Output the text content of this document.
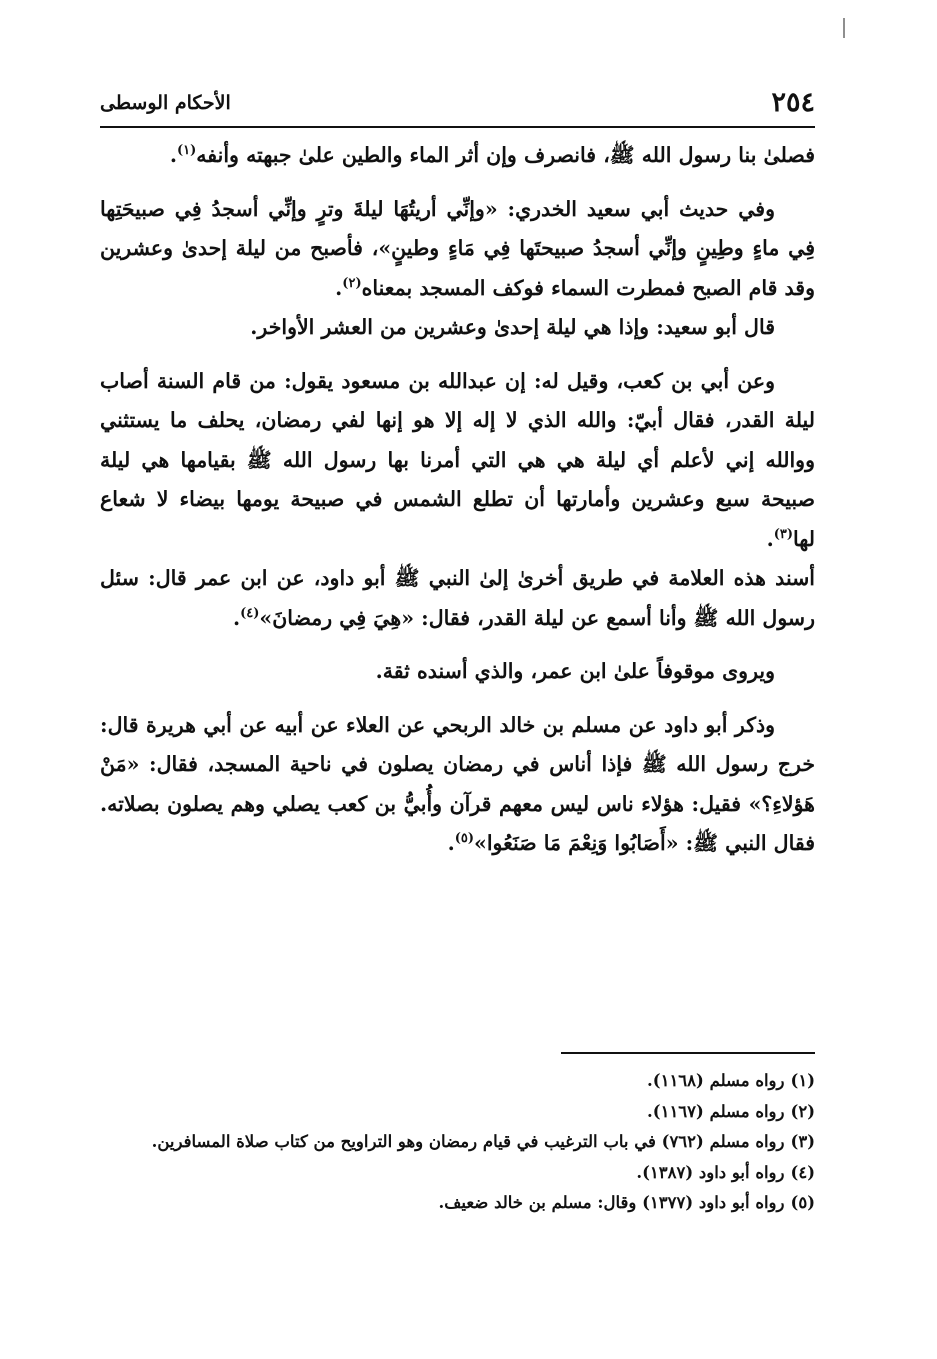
٢٥٤
الأحكام الوسطى

فصلىٰ بنا رسول الله ﷺ، فانصرف وإن أثر الماء والطين علىٰ جبهته وأنفه$^{(١)}$.

وفي حديث أبي سعيد الخدري: «وإنِّي أريتُهَا ليلةَ وترٍ وإنِّي أسجدُ فِي صبيحَتِها فِي ماءٍ وطِينٍ وإنِّي أسجدُ صبيحتَها فِي مَاءٍ وطينٍ»، فأصبح من ليلة إحدىٰ وعشرين وقد قام الصبح فمطرت السماء فوكف المسجد بمعناه$^{(٢)}$.

قال أبو سعيد: وإذا هي ليلة إحدىٰ وعشرين من العشر الأواخر.

وعن أبي بن كعب، وقيل له: إن عبدالله بن مسعود يقول: من قام السنة أصاب ليلة القدر، فقال أبيّ: والله الذي لا إله إلا هو إنها لفي رمضان، يحلف ما يستثني ووالله إني لأعلم أي ليلة هي هي التي أمرنا بها رسول الله ﷺ بقيامها هي ليلة صبيحة سبع وعشرين وأمارتها أن تطلع الشمس في صبيحة يومها بيضاء لا شعاع لها$^{(٣)}$.

أسند هذه العلامة في طريق أخرىٰ إلىٰ النبي ﷺ أبو داود، عن ابن عمر قال: سئل رسول الله ﷺ وأنا أسمع عن ليلة القدر، فقال: «هِيَ فِي رمضانَ»$^{(٤)}$.

ويروى موقوفاً علىٰ ابن عمر، والذي أسنده ثقة.

وذكر أبو داود عن مسلم بن خالد الربحي عن العلاء عن أبيه عن أبي هريرة قال: خرج رسول الله ﷺ فإذا أناس في رمضان يصلون في ناحية المسجد، فقال: «مَنْ هَؤلاءِ؟» فقيل: هؤلاء ناس ليس معهم قرآن وأُبيُّ بن كعب يصلي وهم يصلون بصلاته. فقال النبي ﷺ: «أَصَابُوا وَنِعْمَ مَا صَنَعُوا»$^{(٥)}$.

(١)رواه مسلم (١١٦٨).
(٢)رواه مسلم (١١٦٧).
(٣)رواه مسلم (٧٦٢) في باب الترغيب في قيام رمضان وهو التراويح من كتاب صلاة المسافرين.
(٤)رواه أبو داود (١٣٨٧).
(٥)رواه أبو داود (١٣٧٧) وقال: مسلم بن خالد ضعيف.
